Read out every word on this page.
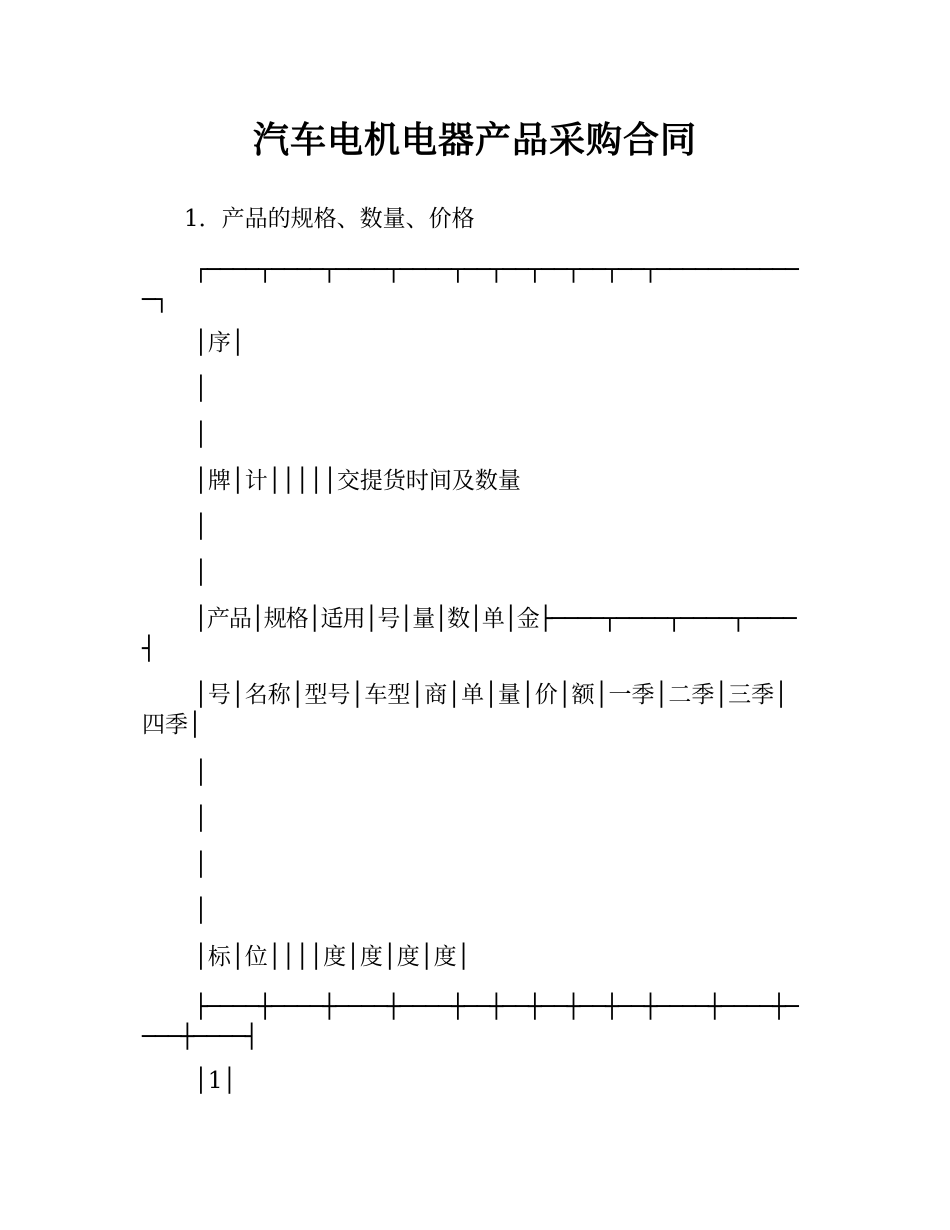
汽车电机电器产品采购合同

1．产品的规格、数量、价格

┌────┬────┬────┬────┬──┬──┬──┬──┬──┬────────────┐

│序│

│

│

│牌│计│││││交提货时间及数量

│

│

│产品│规格│适用│号│量│数│单│金├────┬────┬────┬────┤

│号│名称│型号│车型│商│单│量│价│额│一季│二季│三季│四季│

│

│

│

│

│标│位││││度│度│度│度│

├────┼────┼────┼────┼──┼──┼──┼──┼──┼────┼────┼────┼────┤

│1│
